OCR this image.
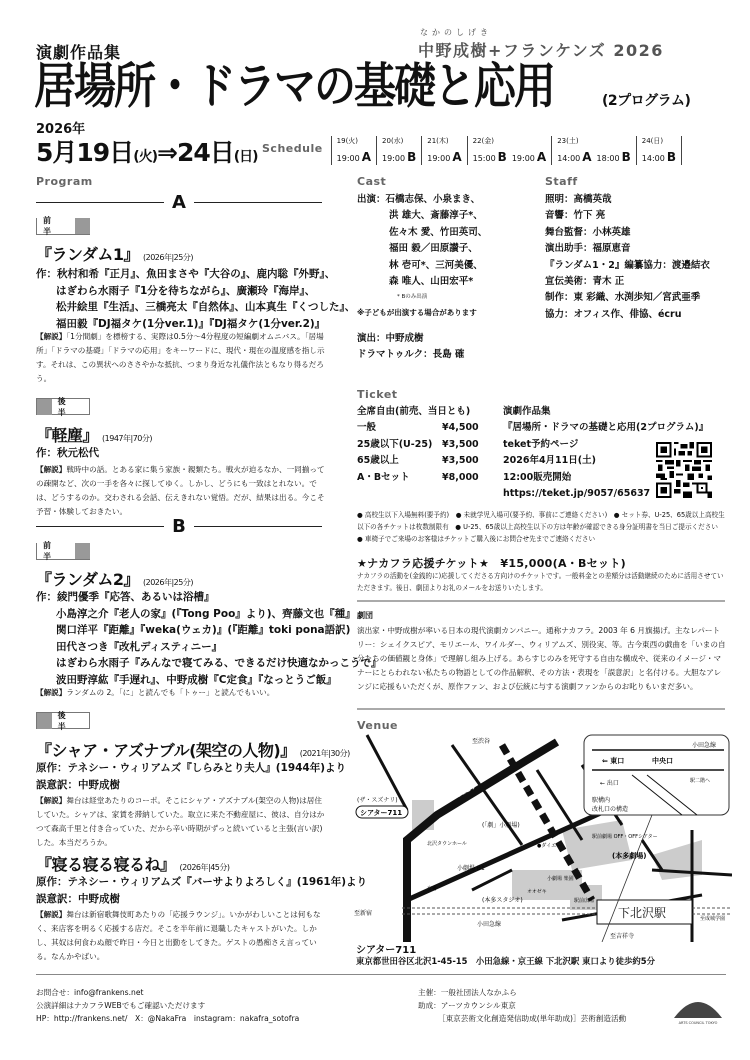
演劇作品集
なかのしげき
中野成樹+フランケンズ 2026
居場所・ドラマの基礎と応用	(2プログラム)
2026年
5月19日(火)⇒24日(日)
Schedule
19(火)
19:00 A
20(水)
19:00 B
21(木)
19:00 A
22(金)
15:00 B 19:00 A
23(土)
14:00 A 18:00 B
24(日)
14:00 B
Program
A
前 半
『ランダム1』 (2026年|25分)
作：秋村和希『正月』、魚田まさや『大谷の』、鹿内聡『外野』、
はぎわら水雨子『1分を待ちながら』、廣瀬玲『海岸』、
松井絵里『生活』、三橋亮太『自然体』、山本真生『くつした』、
福田毅『DJ福タケ(1分ver.1)』『DJ福タケ(1分ver.2)』
【解説】「1分間劇」を標榜する、実際は0.5分〜4分程度の短編劇オムニバス。「居場所」「ドラマの基礎」「ドラマの応用」をキーワードに、現代・現在の温度感を指し示す。それは、この異状へのささやかな抵抗、つまり身近な礼儀作法ともなり得るだろう。
後 半
『軽塵』 (1947年|70分)
作：秋元松代
【解説】戦時中の話。とある家に集う家族・親類たち。戦火が迫るなか、一同揃っての疎開など、次の一手を各々に探してゆく。しかし、どうにも一致はとれない。では、どうするのか。交わされる会話、伝えきれない覚悟。だが、結果は出る。今こそ予習・体験しておきたい。
B
前 半
『ランダム2』 (2026年|25分)
作：綾門優季『応答、あるいは浴槽』
小島淳之介『老人の家』(『Tong Poo』より)、齊藤文也『種』
関口洋平『距離』『weka(ウェカ)』(『距離』toki pona語訳)
田代さつき『改札ディスティニー』
はぎわら水雨子『みんなで寝てみる、できるだけ快適なかっこうで』
波田野淳紘『手遅れ』、中野成樹『C定食』『なっとうご飯』
【解説】ランダムの 2。「に」と読んでも「トゥー」と読んでもいい。
後 半
『シャア・アズナブル(架空の人物)』 (2021年|30分)
原作：テネシー・ウィリアムズ『しらみとり夫人』(1944年)より
誤意訳：中野成樹
【解説】舞台は経堂あたりのコーポ。そこにシャア・アズナブル(架空の人物)は居住していた。シャアは、家賃を滞納していた。取立に来た不動産屋に、彼は、自分はかつて森高千里と付き合っていた、だから辛い時期がずっと続いていると主張(言い訳)した。本当だろうか。
『寝る寝る寝るね』 (2026年|45分)
原作：テネシー・ウィリアムズ『バーサよりよろしく』(1961年)より
誤意訳：中野成樹
【解説】舞台は新宿歌舞伎町あたりの「応援ラウンジ」。いかがわしいことは何もなく、来店客を明るく応援する店だ。そこを半年前に退職したキャストがいた。しかし、其奴は何食わぬ顔で昨日・今日と出勤をしてきた。ゲストの愚痴さえ言っている。なんかやばい。
Cast
出演：石橋志保、小泉まき、
洪 雄大、斎藤淳子*、
佐々木 愛、竹田英司、
福田 毅／田原讃子、
林 壱可*、三河美優、
森 唯人、山田宏平*
* Bのみ出演
※子どもが出演する場合があります
演出：中野成樹
ドラマトゥルク：長島 確
Staff
照明：高橋英哉
音響：竹下 亮
舞台監督：小林英雄
演出助手：福原恵音
『ランダム1・2』編纂協力：渡邉結衣
宣伝美術：青木 正
制作：東 彩織、水渕歩知／宮武亜季
協力：オフィス作、俳協、écru
Ticket
全席自由(前売、当日とも)
一般	¥4,500
25歳以下(U-25)	¥3,500
65歳以上	¥3,500
A・Bセット	¥8,000
演劇作品集
『居場所・ドラマの基礎と応用(2プログラム)』
teket予約ページ
2026年4月11日(土)
12:00販売開始
https://teket.jp/9057/65637
● 高校生以下入場無料(要予約)　● 未就学児入場可(要予約、事前にご連絡ください)　● セット券、U-25、65歳以上高校生以下の各チケットは枚数制限有　● U-25、65歳以上高校生以下の方は年齢が確認できる身分証明書を当日ご提示ください　● 車椅子でご来場のお客様はチケットご購入後にお問合せ先までご連絡ください
★ナカフラ応援チケット★　¥15,000(A・Bセット)
ナカフラの活動を(金銭的に)応援してくださる方向けのチケットです。一般料金との差額分は活動継続のために活用させていただきます。後日、劇団よりお礼のメールをお送りいたします。
劇団
演出家・中野成樹が率いる日本の現代演劇カンパニー。通称ナカフラ。2003 年 6 月旗揚げ。主なレパートリー：シェイクスピア、モリエール、ワイルダー、ウィリアムズ、別役実、等。古今東西の戯曲を「いまの自分たちの価値観と身体」で理解し組み上げる。あらすじのみを死守する自由な構成や、従来のイメージ・マナーにとらわれない私たちの物語としての作品解釈、その方法・表現を「誤意訳」と名付ける。大胆なアレンジに応援もいただくが、原作ファン、および伝統に与する演劇ファンからのお叱りもいまだ多い。
Venue
下北沢駅
小田急線
⇐ 東口	中央口
← 出口	駅二階へ
駅構内
改札口の構造
至渋谷
茶沢通り
(ザ・スズナリ)
シアター711
(「劇」小劇場)
北沢タウンホール
小劇場 B1
駅前劇場 OFF・OFFシアター
(本多劇場)
小劇場 楽園
(本多スタジオ)
オオゼキ
交番
小田急線
駅前広場
至新宿
至吉祥寺
至成城学園
●ダイエー
シアター711
東京都世田谷区北沢1-45-15　小田急線・京王線 下北沢駅 東口より徒歩約5分
お問合せ：info@frankens.net
公演詳細はナカフラWEBでもご確認いただけます
HP：http://frankens.net/　X：@NakaFra　instagram：nakafra_sotofra
主催：一般社団法人なかふら
助成：アーツカウンシル東京
［東京芸術文化創造発信助成(単年助成)］芸術創造活動	ARTS COUNCIL TOKYO
